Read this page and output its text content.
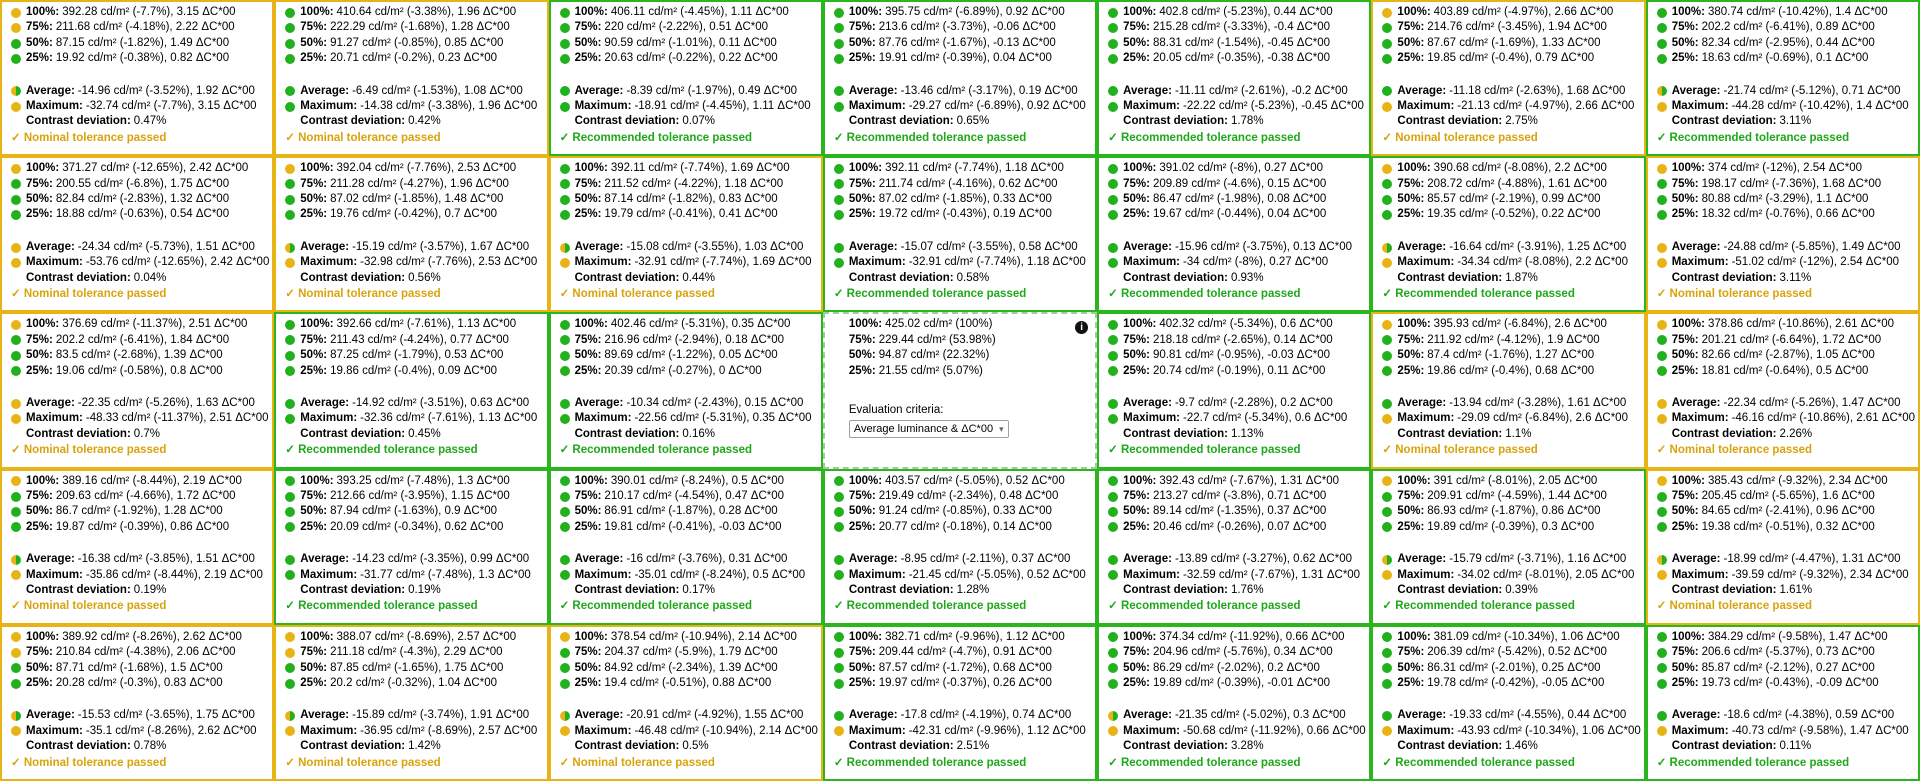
100%: 392.28 cd/m² (-7.7%), 3.15 ΔC*00
75%: 211.68 cd/m² (-4.18%), 2.22 ΔC*00
50%: 87.15 cd/m² (-1.82%), 1.49 ΔC*00
25%: 19.92 cd/m² (-0.38%), 0.82 ΔC*00
Average: -14.96 cd/m² (-3.52%), 1.92 ΔC*00
Maximum: -32.74 cd/m² (-7.7%), 3.15 ΔC*00
Contrast deviation: 0.47%
✓ Nominal tolerance passed
100%: 410.64 cd/m² (-3.38%), 1.96 ΔC*00
75%: 222.29 cd/m² (-1.68%), 1.28 ΔC*00
50%: 91.27 cd/m² (-0.85%), 0.85 ΔC*00
25%: 20.71 cd/m² (-0.2%), 0.23 ΔC*00
Average: -6.49 cd/m² (-1.53%), 1.08 ΔC*00
Maximum: -14.38 cd/m² (-3.38%), 1.96 ΔC*00
Contrast deviation: 0.42%
✓ Nominal tolerance passed
100%: 406.11 cd/m² (-4.45%), 1.11 ΔC*00
75%: 220 cd/m² (-2.22%), 0.51 ΔC*00
50%: 90.59 cd/m² (-1.01%), 0.11 ΔC*00
25%: 20.63 cd/m² (-0.22%), 0.22 ΔC*00
Average: -8.39 cd/m² (-1.97%), 0.49 ΔC*00
Maximum: -18.91 cd/m² (-4.45%), 1.11 ΔC*00
Contrast deviation: 0.07%
✓ Recommended tolerance passed
100%: 395.75 cd/m² (-6.89%), 0.92 ΔC*00
75%: 213.6 cd/m² (-3.73%), -0.06 ΔC*00
50%: 87.76 cd/m² (-1.67%), -0.13 ΔC*00
25%: 19.91 cd/m² (-0.39%), 0.04 ΔC*00
Average: -13.46 cd/m² (-3.17%), 0.19 ΔC*00
Maximum: -29.27 cd/m² (-6.89%), 0.92 ΔC*00
Contrast deviation: 0.65%
✓ Recommended tolerance passed
100%: 402.8 cd/m² (-5.23%), 0.44 ΔC*00
75%: 215.28 cd/m² (-3.33%), -0.4 ΔC*00
50%: 88.31 cd/m² (-1.54%), -0.45 ΔC*00
25%: 20.05 cd/m² (-0.35%), -0.38 ΔC*00
Average: -11.11 cd/m² (-2.61%), -0.2 ΔC*00
Maximum: -22.22 cd/m² (-5.23%), -0.45 ΔC*00
Contrast deviation: 1.78%
✓ Recommended tolerance passed
100%: 403.89 cd/m² (-4.97%), 2.66 ΔC*00
75%: 214.76 cd/m² (-3.45%), 1.94 ΔC*00
50%: 87.67 cd/m² (-1.69%), 1.33 ΔC*00
25%: 19.85 cd/m² (-0.4%), 0.79 ΔC*00
Average: -11.18 cd/m² (-2.63%), 1.68 ΔC*00
Maximum: -21.13 cd/m² (-4.97%), 2.66 ΔC*00
Contrast deviation: 2.75%
✓ Nominal tolerance passed
100%: 380.74 cd/m² (-10.42%), 1.4 ΔC*00
75%: 202.2 cd/m² (-6.41%), 0.89 ΔC*00
50%: 82.34 cd/m² (-2.95%), 0.44 ΔC*00
25%: 18.63 cd/m² (-0.69%), 0.1 ΔC*00
Average: -21.74 cd/m² (-5.12%), 0.71 ΔC*00
Maximum: -44.28 cd/m² (-10.42%), 1.4 ΔC*00
Contrast deviation: 3.11%
✓ Recommended tolerance passed
100%: 371.27 cd/m² (-12.65%), 2.42 ΔC*00
75%: 200.55 cd/m² (-6.8%), 1.75 ΔC*00
50%: 82.84 cd/m² (-2.83%), 1.32 ΔC*00
25%: 18.88 cd/m² (-0.63%), 0.54 ΔC*00
Average: -24.34 cd/m² (-5.73%), 1.51 ΔC*00
Maximum: -53.76 cd/m² (-12.65%), 2.42 ΔC*00
Contrast deviation: 0.04%
✓ Nominal tolerance passed
100%: 392.04 cd/m² (-7.76%), 2.53 ΔC*00
75%: 211.28 cd/m² (-4.27%), 1.96 ΔC*00
50%: 87.02 cd/m² (-1.85%), 1.48 ΔC*00
25%: 19.76 cd/m² (-0.42%), 0.7 ΔC*00
Average: -15.19 cd/m² (-3.57%), 1.67 ΔC*00
Maximum: -32.98 cd/m² (-7.76%), 2.53 ΔC*00
Contrast deviation: 0.56%
✓ Nominal tolerance passed
100%: 392.11 cd/m² (-7.74%), 1.69 ΔC*00
75%: 211.52 cd/m² (-4.22%), 1.18 ΔC*00
50%: 87.14 cd/m² (-1.82%), 0.83 ΔC*00
25%: 19.79 cd/m² (-0.41%), 0.41 ΔC*00
Average: -15.08 cd/m² (-3.55%), 1.03 ΔC*00
Maximum: -32.91 cd/m² (-7.74%), 1.69 ΔC*00
Contrast deviation: 0.44%
✓ Nominal tolerance passed
100%: 392.11 cd/m² (-7.74%), 1.18 ΔC*00
75%: 211.74 cd/m² (-4.16%), 0.62 ΔC*00
50%: 87.02 cd/m² (-1.85%), 0.33 ΔC*00
25%: 19.72 cd/m² (-0.43%), 0.19 ΔC*00
Average: -15.07 cd/m² (-3.55%), 0.58 ΔC*00
Maximum: -32.91 cd/m² (-7.74%), 1.18 ΔC*00
Contrast deviation: 0.58%
✓ Recommended tolerance passed
100%: 391.02 cd/m² (-8%), 0.27 ΔC*00
75%: 209.89 cd/m² (-4.6%), 0.15 ΔC*00
50%: 86.47 cd/m² (-1.98%), 0.08 ΔC*00
25%: 19.67 cd/m² (-0.44%), 0.04 ΔC*00
Average: -15.96 cd/m² (-3.75%), 0.13 ΔC*00
Maximum: -34 cd/m² (-8%), 0.27 ΔC*00
Contrast deviation: 0.93%
✓ Recommended tolerance passed
100%: 390.68 cd/m² (-8.08%), 2.2 ΔC*00
75%: 208.72 cd/m² (-4.88%), 1.61 ΔC*00
50%: 85.57 cd/m² (-2.19%), 0.99 ΔC*00
25%: 19.35 cd/m² (-0.52%), 0.22 ΔC*00
Average: -16.64 cd/m² (-3.91%), 1.25 ΔC*00
Maximum: -34.34 cd/m² (-8.08%), 2.2 ΔC*00
Contrast deviation: 1.87%
✓ Recommended tolerance passed
100%: 374 cd/m² (-12%), 2.54 ΔC*00
75%: 198.17 cd/m² (-7.36%), 1.68 ΔC*00
50%: 80.88 cd/m² (-3.29%), 1.1 ΔC*00
25%: 18.32 cd/m² (-0.76%), 0.66 ΔC*00
Average: -24.88 cd/m² (-5.85%), 1.49 ΔC*00
Maximum: -51.02 cd/m² (-12%), 2.54 ΔC*00
Contrast deviation: 3.11%
✓ Nominal tolerance passed
100%: 376.69 cd/m² (-11.37%), 2.51 ΔC*00
75%: 202.2 cd/m² (-6.41%), 1.84 ΔC*00
50%: 83.5 cd/m² (-2.68%), 1.39 ΔC*00
25%: 19.06 cd/m² (-0.58%), 0.8 ΔC*00
Average: -22.35 cd/m² (-5.26%), 1.63 ΔC*00
Maximum: -48.33 cd/m² (-11.37%), 2.51 ΔC*00
Contrast deviation: 0.7%
✓ Nominal tolerance passed
100%: 392.66 cd/m² (-7.61%), 1.13 ΔC*00
75%: 211.43 cd/m² (-4.24%), 0.77 ΔC*00
50%: 87.25 cd/m² (-1.79%), 0.53 ΔC*00
25%: 19.86 cd/m² (-0.4%), 0.09 ΔC*00
Average: -14.92 cd/m² (-3.51%), 0.63 ΔC*00
Maximum: -32.36 cd/m² (-7.61%), 1.13 ΔC*00
Contrast deviation: 0.45%
✓ Recommended tolerance passed
100%: 402.46 cd/m² (-5.31%), 0.35 ΔC*00
75%: 216.96 cd/m² (-2.94%), 0.18 ΔC*00
50%: 89.69 cd/m² (-1.22%), 0.05 ΔC*00
25%: 20.39 cd/m² (-0.27%), 0 ΔC*00
Average: -10.34 cd/m² (-2.43%), 0.15 ΔC*00
Maximum: -22.56 cd/m² (-5.31%), 0.35 ΔC*00
Contrast deviation: 0.16%
✓ Recommended tolerance passed
i
100%: 425.02 cd/m² (100%)
75%: 229.44 cd/m² (53.98%)
50%: 94.87 cd/m² (22.32%)
25%: 21.55 cd/m² (5.07%)
Evaluation criteria:
Average luminance & ΔC*00 ▾
100%: 402.32 cd/m² (-5.34%), 0.6 ΔC*00
75%: 218.18 cd/m² (-2.65%), 0.14 ΔC*00
50%: 90.81 cd/m² (-0.95%), -0.03 ΔC*00
25%: 20.74 cd/m² (-0.19%), 0.11 ΔC*00
Average: -9.7 cd/m² (-2.28%), 0.2 ΔC*00
Maximum: -22.7 cd/m² (-5.34%), 0.6 ΔC*00
Contrast deviation: 1.13%
✓ Recommended tolerance passed
100%: 395.93 cd/m² (-6.84%), 2.6 ΔC*00
75%: 211.92 cd/m² (-4.12%), 1.9 ΔC*00
50%: 87.4 cd/m² (-1.76%), 1.27 ΔC*00
25%: 19.86 cd/m² (-0.4%), 0.68 ΔC*00
Average: -13.94 cd/m² (-3.28%), 1.61 ΔC*00
Maximum: -29.09 cd/m² (-6.84%), 2.6 ΔC*00
Contrast deviation: 1.1%
✓ Nominal tolerance passed
100%: 378.86 cd/m² (-10.86%), 2.61 ΔC*00
75%: 201.21 cd/m² (-6.64%), 1.72 ΔC*00
50%: 82.66 cd/m² (-2.87%), 1.05 ΔC*00
25%: 18.81 cd/m² (-0.64%), 0.5 ΔC*00
Average: -22.34 cd/m² (-5.26%), 1.47 ΔC*00
Maximum: -46.16 cd/m² (-10.86%), 2.61 ΔC*00
Contrast deviation: 2.26%
✓ Nominal tolerance passed
100%: 389.16 cd/m² (-8.44%), 2.19 ΔC*00
75%: 209.63 cd/m² (-4.66%), 1.72 ΔC*00
50%: 86.7 cd/m² (-1.92%), 1.28 ΔC*00
25%: 19.87 cd/m² (-0.39%), 0.86 ΔC*00
Average: -16.38 cd/m² (-3.85%), 1.51 ΔC*00
Maximum: -35.86 cd/m² (-8.44%), 2.19 ΔC*00
Contrast deviation: 0.19%
✓ Nominal tolerance passed
100%: 393.25 cd/m² (-7.48%), 1.3 ΔC*00
75%: 212.66 cd/m² (-3.95%), 1.15 ΔC*00
50%: 87.94 cd/m² (-1.63%), 0.9 ΔC*00
25%: 20.09 cd/m² (-0.34%), 0.62 ΔC*00
Average: -14.23 cd/m² (-3.35%), 0.99 ΔC*00
Maximum: -31.77 cd/m² (-7.48%), 1.3 ΔC*00
Contrast deviation: 0.19%
✓ Recommended tolerance passed
100%: 390.01 cd/m² (-8.24%), 0.5 ΔC*00
75%: 210.17 cd/m² (-4.54%), 0.47 ΔC*00
50%: 86.91 cd/m² (-1.87%), 0.28 ΔC*00
25%: 19.81 cd/m² (-0.41%), -0.03 ΔC*00
Average: -16 cd/m² (-3.76%), 0.31 ΔC*00
Maximum: -35.01 cd/m² (-8.24%), 0.5 ΔC*00
Contrast deviation: 0.17%
✓ Recommended tolerance passed
100%: 403.57 cd/m² (-5.05%), 0.52 ΔC*00
75%: 219.49 cd/m² (-2.34%), 0.48 ΔC*00
50%: 91.24 cd/m² (-0.85%), 0.33 ΔC*00
25%: 20.77 cd/m² (-0.18%), 0.14 ΔC*00
Average: -8.95 cd/m² (-2.11%), 0.37 ΔC*00
Maximum: -21.45 cd/m² (-5.05%), 0.52 ΔC*00
Contrast deviation: 1.28%
✓ Recommended tolerance passed
100%: 392.43 cd/m² (-7.67%), 1.31 ΔC*00
75%: 213.27 cd/m² (-3.8%), 0.71 ΔC*00
50%: 89.14 cd/m² (-1.35%), 0.37 ΔC*00
25%: 20.46 cd/m² (-0.26%), 0.07 ΔC*00
Average: -13.89 cd/m² (-3.27%), 0.62 ΔC*00
Maximum: -32.59 cd/m² (-7.67%), 1.31 ΔC*00
Contrast deviation: 1.76%
✓ Recommended tolerance passed
100%: 391 cd/m² (-8.01%), 2.05 ΔC*00
75%: 209.91 cd/m² (-4.59%), 1.44 ΔC*00
50%: 86.93 cd/m² (-1.87%), 0.86 ΔC*00
25%: 19.89 cd/m² (-0.39%), 0.3 ΔC*00
Average: -15.79 cd/m² (-3.71%), 1.16 ΔC*00
Maximum: -34.02 cd/m² (-8.01%), 2.05 ΔC*00
Contrast deviation: 0.39%
✓ Recommended tolerance passed
100%: 385.43 cd/m² (-9.32%), 2.34 ΔC*00
75%: 205.45 cd/m² (-5.65%), 1.6 ΔC*00
50%: 84.65 cd/m² (-2.41%), 0.96 ΔC*00
25%: 19.38 cd/m² (-0.51%), 0.32 ΔC*00
Average: -18.99 cd/m² (-4.47%), 1.31 ΔC*00
Maximum: -39.59 cd/m² (-9.32%), 2.34 ΔC*00
Contrast deviation: 1.61%
✓ Nominal tolerance passed
100%: 389.92 cd/m² (-8.26%), 2.62 ΔC*00
75%: 210.84 cd/m² (-4.38%), 2.06 ΔC*00
50%: 87.71 cd/m² (-1.68%), 1.5 ΔC*00
25%: 20.28 cd/m² (-0.3%), 0.83 ΔC*00
Average: -15.53 cd/m² (-3.65%), 1.75 ΔC*00
Maximum: -35.1 cd/m² (-8.26%), 2.62 ΔC*00
Contrast deviation: 0.78%
✓ Nominal tolerance passed
100%: 388.07 cd/m² (-8.69%), 2.57 ΔC*00
75%: 211.18 cd/m² (-4.3%), 2.29 ΔC*00
50%: 87.85 cd/m² (-1.65%), 1.75 ΔC*00
25%: 20.2 cd/m² (-0.32%), 1.04 ΔC*00
Average: -15.89 cd/m² (-3.74%), 1.91 ΔC*00
Maximum: -36.95 cd/m² (-8.69%), 2.57 ΔC*00
Contrast deviation: 1.42%
✓ Nominal tolerance passed
100%: 378.54 cd/m² (-10.94%), 2.14 ΔC*00
75%: 204.37 cd/m² (-5.9%), 1.79 ΔC*00
50%: 84.92 cd/m² (-2.34%), 1.39 ΔC*00
25%: 19.4 cd/m² (-0.51%), 0.88 ΔC*00
Average: -20.91 cd/m² (-4.92%), 1.55 ΔC*00
Maximum: -46.48 cd/m² (-10.94%), 2.14 ΔC*00
Contrast deviation: 0.5%
✓ Nominal tolerance passed
100%: 382.71 cd/m² (-9.96%), 1.12 ΔC*00
75%: 209.44 cd/m² (-4.7%), 0.91 ΔC*00
50%: 87.57 cd/m² (-1.72%), 0.68 ΔC*00
25%: 19.97 cd/m² (-0.37%), 0.26 ΔC*00
Average: -17.8 cd/m² (-4.19%), 0.74 ΔC*00
Maximum: -42.31 cd/m² (-9.96%), 1.12 ΔC*00
Contrast deviation: 2.51%
✓ Recommended tolerance passed
100%: 374.34 cd/m² (-11.92%), 0.66 ΔC*00
75%: 204.96 cd/m² (-5.76%), 0.34 ΔC*00
50%: 86.29 cd/m² (-2.02%), 0.2 ΔC*00
25%: 19.89 cd/m² (-0.39%), -0.01 ΔC*00
Average: -21.35 cd/m² (-5.02%), 0.3 ΔC*00
Maximum: -50.68 cd/m² (-11.92%), 0.66 ΔC*00
Contrast deviation: 3.28%
✓ Recommended tolerance passed
100%: 381.09 cd/m² (-10.34%), 1.06 ΔC*00
75%: 206.39 cd/m² (-5.42%), 0.52 ΔC*00
50%: 86.31 cd/m² (-2.01%), 0.25 ΔC*00
25%: 19.78 cd/m² (-0.42%), -0.05 ΔC*00
Average: -19.33 cd/m² (-4.55%), 0.44 ΔC*00
Maximum: -43.93 cd/m² (-10.34%), 1.06 ΔC*00
Contrast deviation: 1.46%
✓ Recommended tolerance passed
100%: 384.29 cd/m² (-9.58%), 1.47 ΔC*00
75%: 206.6 cd/m² (-5.37%), 0.73 ΔC*00
50%: 85.87 cd/m² (-2.12%), 0.27 ΔC*00
25%: 19.73 cd/m² (-0.43%), -0.09 ΔC*00
Average: -18.6 cd/m² (-4.38%), 0.59 ΔC*00
Maximum: -40.73 cd/m² (-9.58%), 1.47 ΔC*00
Contrast deviation: 0.11%
✓ Recommended tolerance passed
